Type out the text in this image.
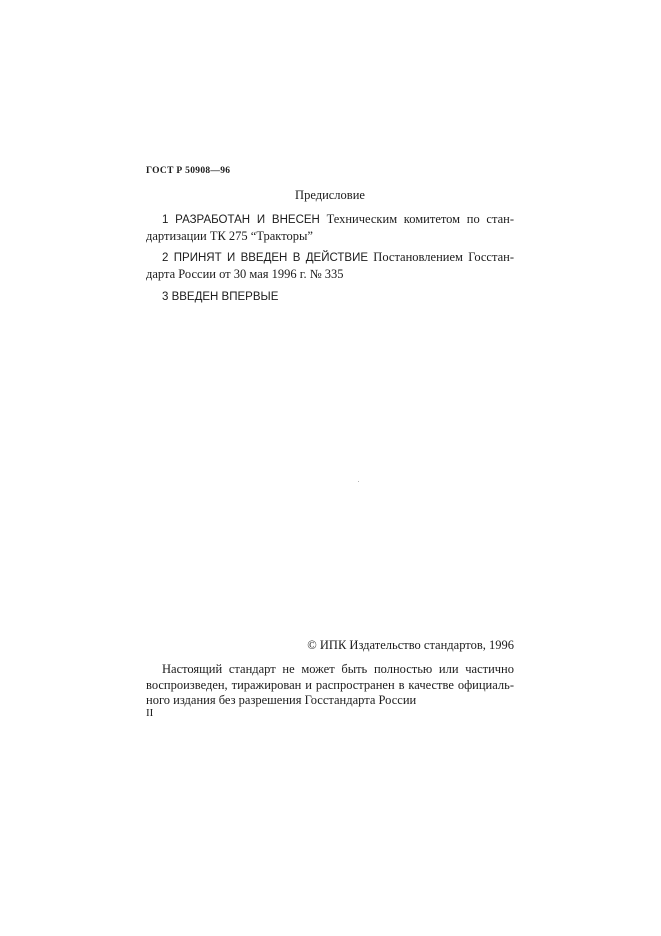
ГОСТ Р 50908—96
Предисловие
1 РАЗРАБОТАН И ВНЕСЕН Техническим комитетом по стан-
дартизации ТК 275 “Тракторы”
2 ПРИНЯТ И ВВЕДЕН В ДЕЙСТВИЕ Постановлением Госстан-
дарта России от 30 мая 1996 г. № 335
3 ВВЕДЕН ВПЕРВЫЕ
© ИПК Издательство стандартов, 1996
Настоящий стандарт не может быть полностью или частично
воспроизведен, тиражирован и распространен в качестве официаль-
ного издания без разрешения Госстандарта России
II
